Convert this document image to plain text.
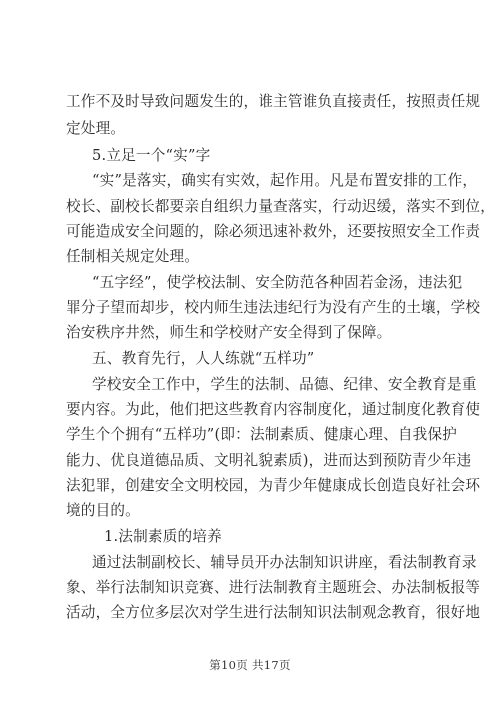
工作不及时导致问题发生的，谁主管谁负直接责任，按照责任规
定处理。
5.立足一个“实”字
“实”是落实，确实有实效，起作用。凡是布置安排的工作，
校长、副校长都要亲自组织力量查落实，行动迟缓，落实不到位，
可能造成安全问题的，除必须迅速补救外，还要按照安全工作责
任制相关规定处理。
“五字经”，使学校法制、安全防范各种固若金汤，违法犯
罪分子望而却步，校内师生违法违纪行为没有产生的土壤，学校
治安秩序井然，师生和学校财产安全得到了保障。
五、教育先行，人人练就“五样功”
学校安全工作中，学生的法制、品德、纪律、安全教育是重
要内容。为此，他们把这些教育内容制度化，通过制度化教育使
学生个个拥有“五样功”(即：法制素质、健康心理、自我保护
能力、优良道德品质、文明礼貌素质)，进而达到预防青少年违
法犯罪，创建安全文明校园，为青少年健康成长创造良好社会环
境的目的。
1.法制素质的培养
通过法制副校长、辅导员开办法制知识讲座，看法制教育录
象、举行法制知识竞赛、进行法制教育主题班会、办法制板报等
活动，全方位多层次对学生进行法制知识法制观念教育，很好地
第10页 共17页
